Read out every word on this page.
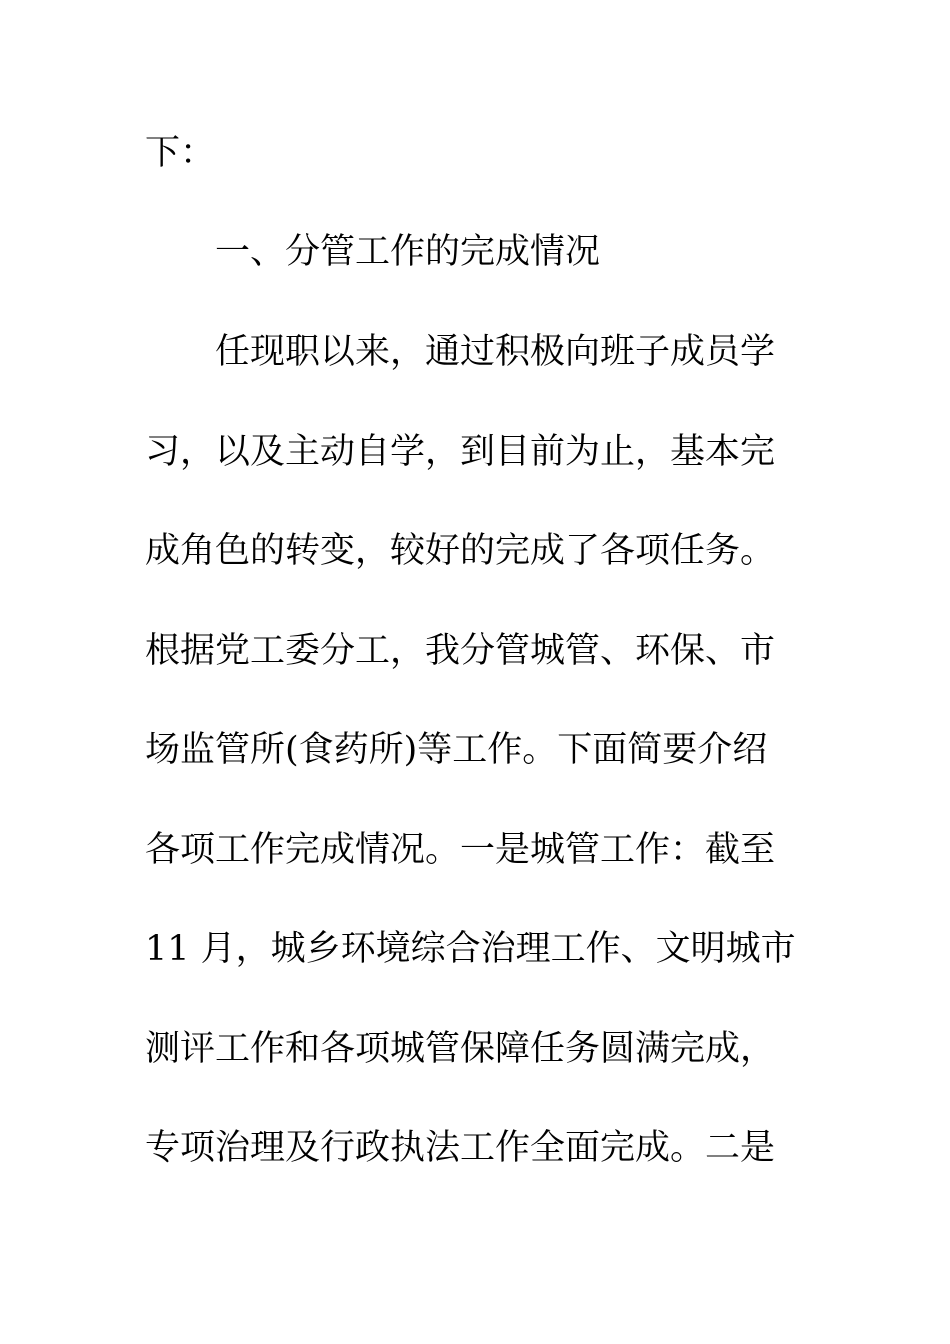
下：
一、分管工作的完成情况
任现职以来，通过积极向班子成员学
习，以及主动自学，到目前为止，基本完
成角色的转变，较好的完成了各项任务。
根据党工委分工，我分管城管、环保、市
场监管所(食药所)等工作。下面简要介绍
各项工作完成情况。一是城管工作：截至
11 月，城乡环境综合治理工作、文明城市
测评工作和各项城管保障任务圆满完成，
专项治理及行政执法工作全面完成。二是
